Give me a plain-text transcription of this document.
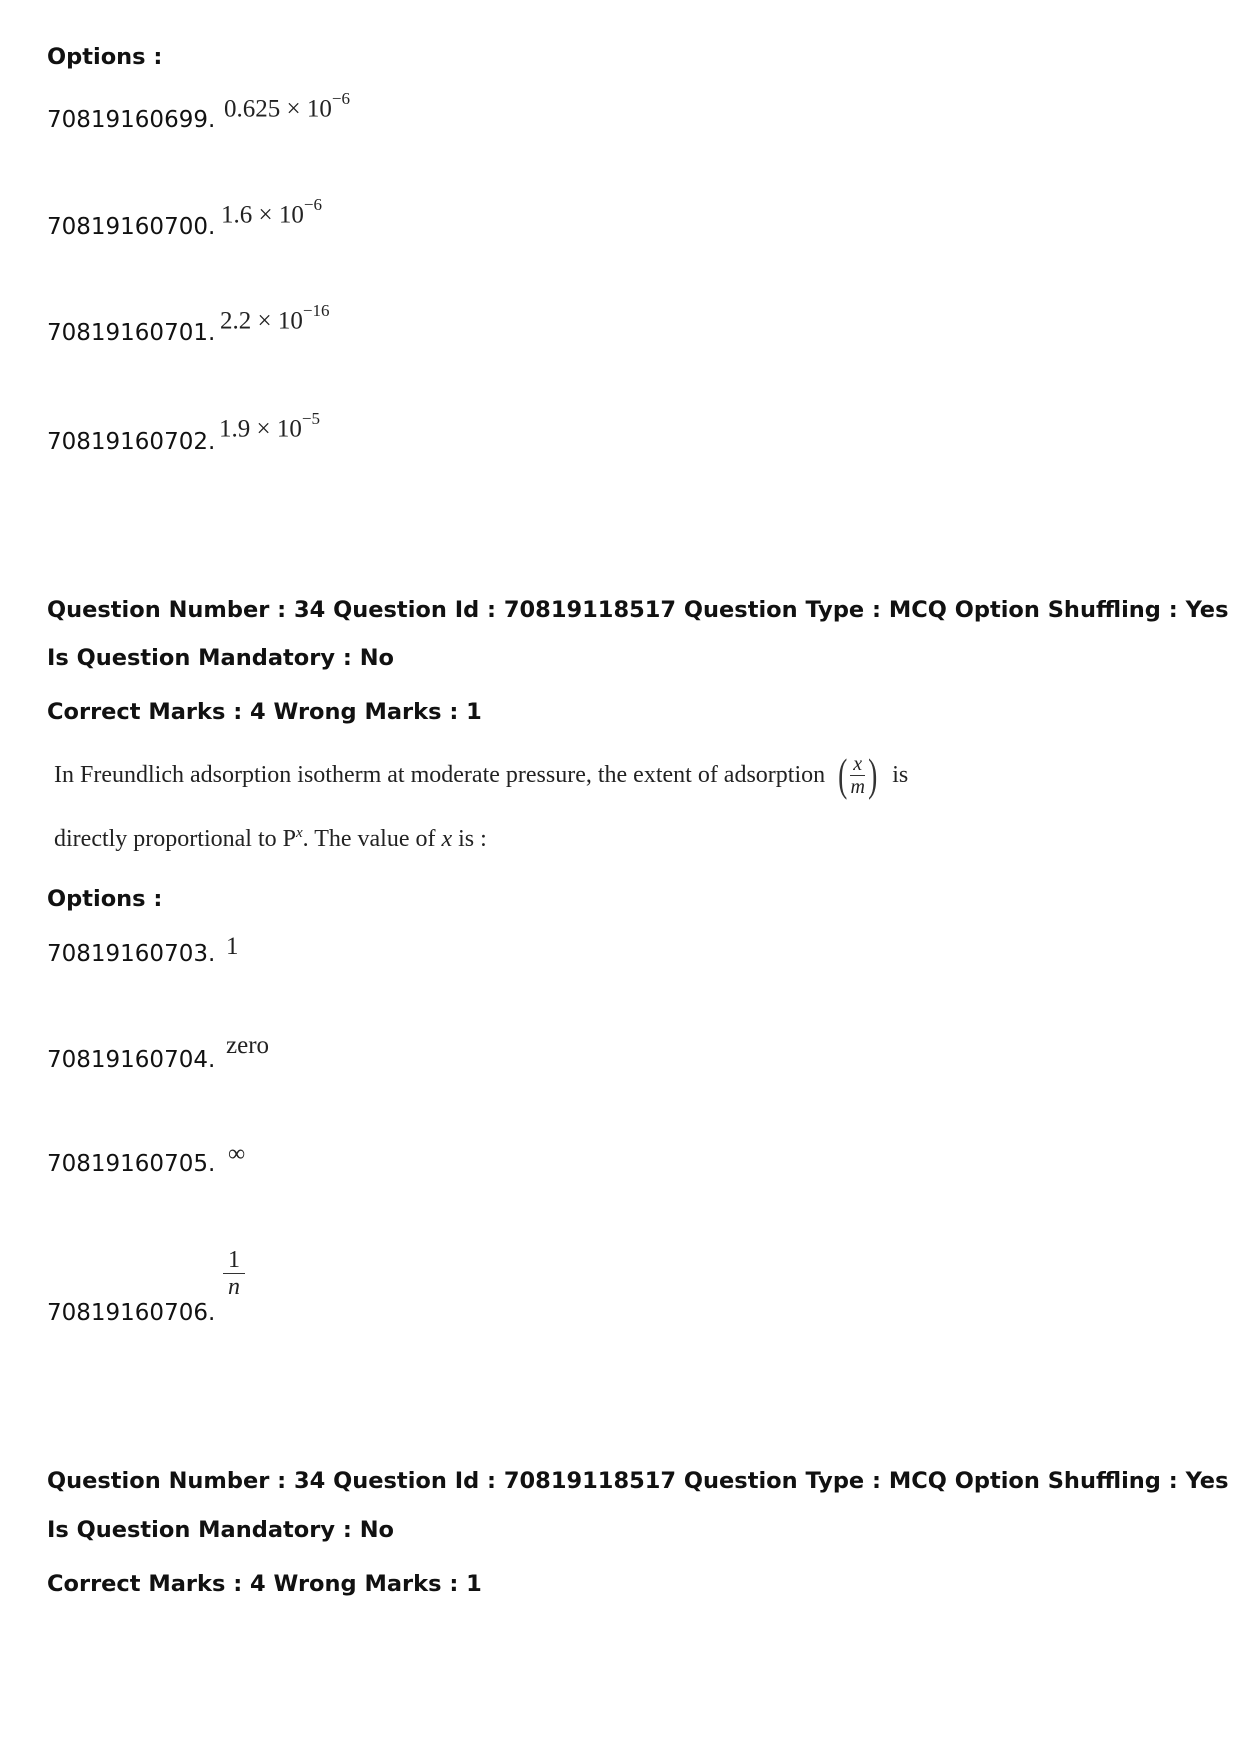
Options :
70819160699. $0.625 \times 10^{-6}$
70819160700. $1.6 \times 10^{-6}$
70819160701. $2.2 \times 10^{-16}$
70819160702. $1.9 \times 10^{-5}$
Question Number : 34 Question Id : 70819118517 Question Type : MCQ Option Shuffling : Yes
Is Question Mandatory : No
Correct Marks : 4 Wrong Marks : 1
In Freundlich adsorption isotherm at moderate pressure, the extent of adsorption ( $\frac{x}{m}$ ) is
directly proportional to $P^x$. The value of x is :
Options :
70819160703. 1
70819160704.
zero
70819160705. ∞
70819160706.
$\frac{1}{n}$
Question Number : 34 Question Id : 70819118517 Question Type : MCQ Option Shuffling : Yes
Is Question Mandatory : No
Correct Marks : 4 Wrong Marks : 1
